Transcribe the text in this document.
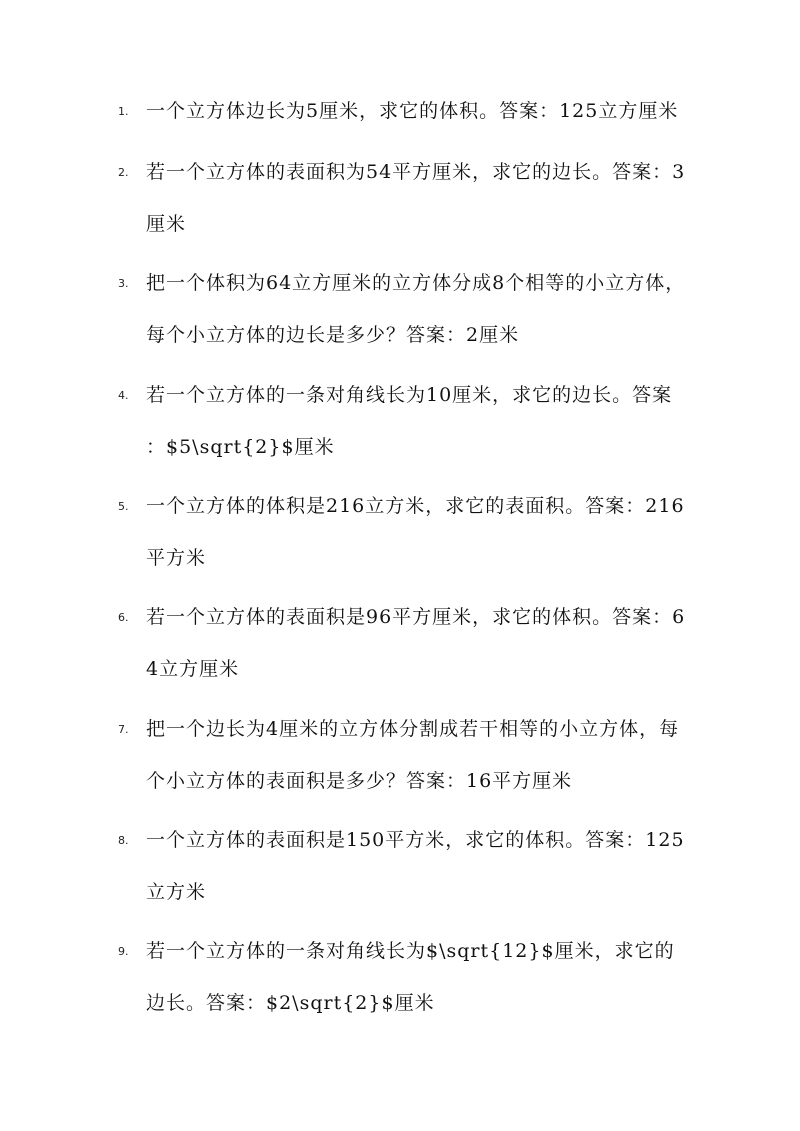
1. 一个立方体边长为5厘米，求它的体积。答案：125立方厘米
2. 若一个立方体的表面积为54平方厘米，求它的边长。答案：3
厘米
3. 把一个体积为64立方厘米的立方体分成8个相等的小立方体，
每个小立方体的边长是多少？答案：2厘米
4. 若一个立方体的一条对角线长为10厘米，求它的边长。答案
：$5\sqrt{2}$厘米
5. 一个立方体的体积是216立方米，求它的表面积。答案：216
平方米
6. 若一个立方体的表面积是96平方厘米，求它的体积。答案：6
4立方厘米
7. 把一个边长为4厘米的立方体分割成若干相等的小立方体，每
个小立方体的表面积是多少？答案：16平方厘米
8. 一个立方体的表面积是150平方米，求它的体积。答案：125
立方米
9. 若一个立方体的一条对角线长为$\sqrt{12}$厘米，求它的
边长。答案：$2\sqrt{2}$厘米
